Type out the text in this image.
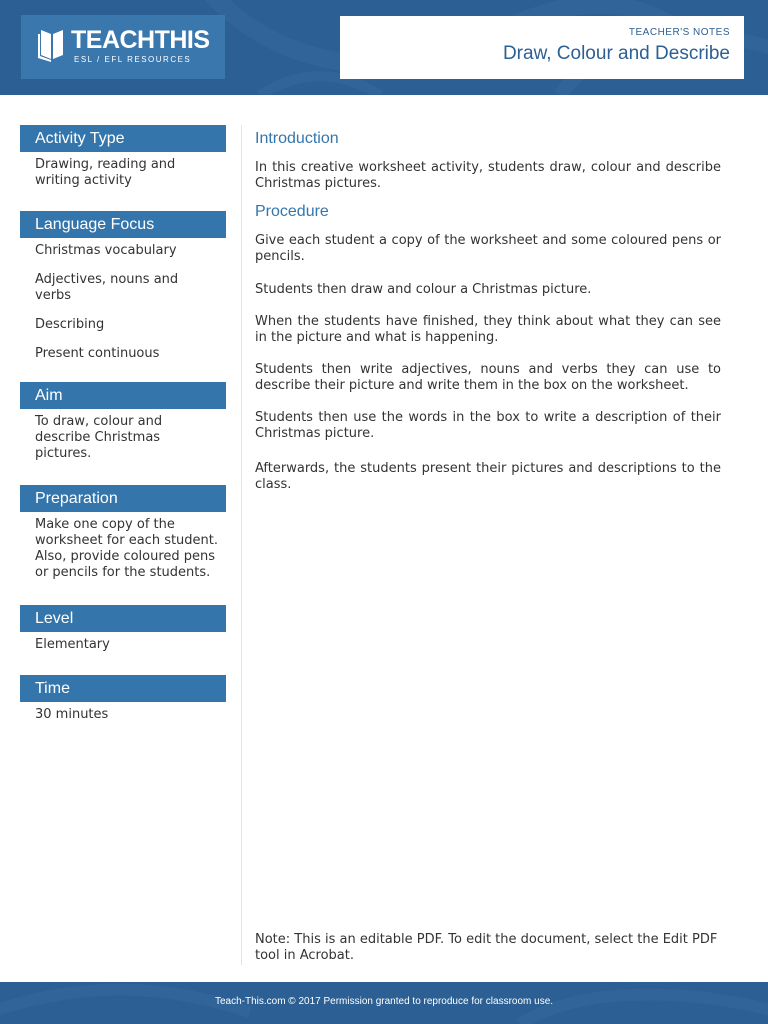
TEACHTHIS
ESL / EFL RESOURCES
TEACHER'S NOTES
Draw, Colour and Describe
Activity Type
Drawing, reading and writing activity
Language Focus
Christmas vocabulary
Adjectives, nouns and verbs
Describing
Present continuous
Aim
To draw, colour and describe Christmas pictures.
Preparation
Make one copy of the worksheet for each student. Also, provide coloured pens or pencils for the students.
Level
Elementary
Time
30 minutes
Introduction

In this creative worksheet activity, students draw, colour and describe Christmas pictures.

Procedure

Give each student a copy of the worksheet and some coloured pens or pencils.

Students then draw and colour a Christmas picture.

When the students have finished, they think about what they can see in the picture and what is happening.

Students then write adjectives, nouns and verbs they can use to describe their picture and write them in the box on the worksheet.

Students then use the words in the box to write a description of their Christmas picture.

Afterwards, the students present their pictures and descriptions to the class.

Note: This is an editable PDF. To edit the document, select the Edit PDF tool in Acrobat.
Teach-This.com © 2017 Permission granted to reproduce for classroom use.
